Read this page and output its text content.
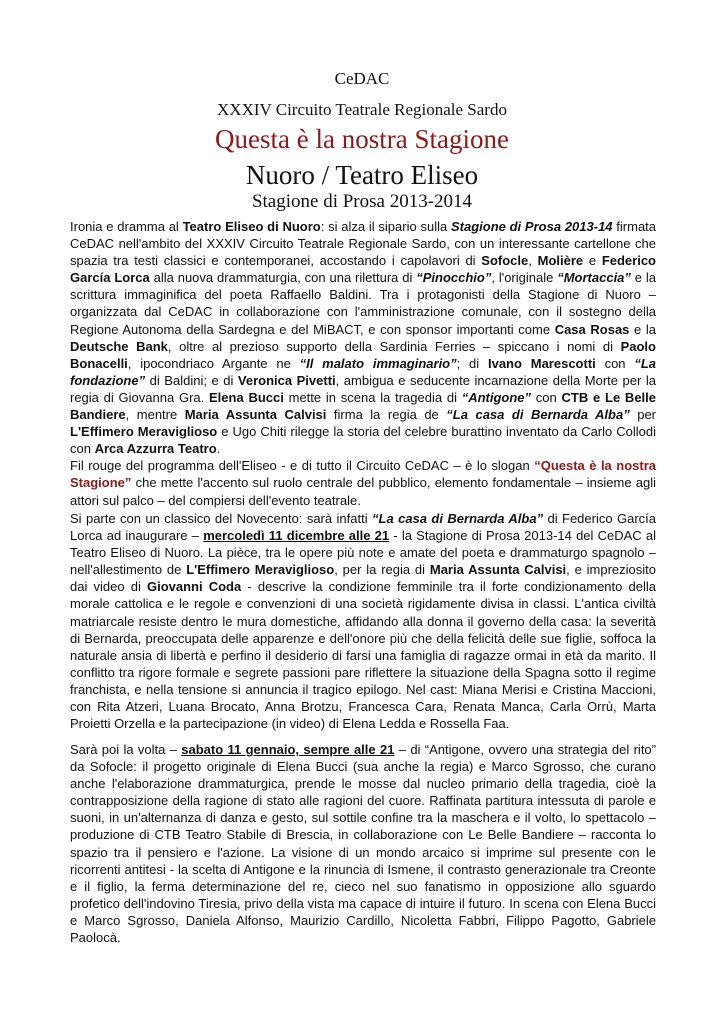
CeDAC
XXXIV Circuito Teatrale Regionale Sardo
Questa è la nostra Stagione
Nuoro / Teatro Eliseo
Stagione di Prosa 2013-2014

Ironia e dramma al Teatro Eliseo di Nuoro: si alza il sipario sulla Stagione di Prosa 2013-14 firmata CeDAC nell'ambito del XXXIV Circuito Teatrale Regionale Sardo, con un interessante cartellone che spazia tra testi classici e contemporanei, accostando i capolavori di Sofocle, Molière e Federico García Lorca alla nuova drammaturgia, con una rilettura di “Pinocchio”, l'originale “Mortaccia” e la scrittura immaginifica del poeta Raffaello Baldini. Tra i protagonisti della Stagione di Nuoro – organizzata dal CeDAC in collaborazione con l'amministrazione comunale, con il sostegno della Regione Autonoma della Sardegna e del MiBACT, e con sponsor importanti come Casa Rosas e la Deutsche Bank, oltre al prezioso supporto della Sardinia Ferries – spiccano i nomi di Paolo Bonacelli, ipocondriaco Argante ne “Il malato immaginario”; di Ivano Marescotti con “La fondazione” di Baldini; e di Veronica Pivetti, ambigua e seducente incarnazione della Morte per la regia di Giovanna Gra. Elena Bucci mette in scena la tragedia di “Antigone” con CTB e Le Belle Bandiere, mentre Maria Assunta Calvisi firma la regia de “La casa di Bernarda Alba” per L'Effimero Meraviglioso e Ugo Chiti rilegge la storia del celebre burattino inventato da Carlo Collodi con Arca Azzurra Teatro.

Fil rouge del programma dell'Eliseo - e di tutto il Circuito CeDAC – è lo slogan “Questa è la nostra Stagione” che mette l'accento sul ruolo centrale del pubblico, elemento fondamentale – insieme agli attori sul palco – del compiersi dell'evento teatrale.

Si parte con un classico del Novecento: sarà infatti “La casa di Bernarda Alba” di Federico García Lorca ad inaugurare – mercoledì 11 dicembre alle 21 - la Stagione di Prosa 2013-14 del CeDAC al Teatro Eliseo di Nuoro. La pièce, tra le opere più note e amate del poeta e drammaturgo spagnolo – nell'allestimento de L'Effimero Meraviglioso, per la regia di Maria Assunta Calvisi, e impreziosito dai video di Giovanni Coda - descrive la condizione femminile tra il forte condizionamento della morale cattolica e le regole e convenzioni di una società rigidamente divisa in classi. L'antica civiltà matriarcale resiste dentro le mura domestiche, affidando alla donna il governo della casa: la severità di Bernarda, preoccupata delle apparenze e dell'onore più che della felicità delle sue figlie, soffoca la naturale ansia di libertà e perfino il desiderio di farsi una famiglia di ragazze ormai in età da marito. Il conflitto tra rigore formale e segrete passioni pare riflettere la situazione della Spagna sotto il regime franchista, e nella tensione si annuncia il tragico epilogo. Nel cast: Miana Merisi e Cristina Maccioni, con Rita Atzeri, Luana Brocato, Anna Brotzu, Francesca Cara, Renata Manca, Carla Orrù, Marta Proietti Orzella e la partecipazione (in video) di Elena Ledda e Rossella Faa.

Sarà poi la volta – sabato 11 gennaio, sempre alle 21 – di “Antigone, ovvero una strategia del rito” da Sofocle: il progetto originale di Elena Bucci (sua anche la regia) e Marco Sgrosso, che curano anche l'elaborazione drammaturgica, prende le mosse dal nucleo primario della tragedia, cioè la contrapposizione della ragione di stato alle ragioni del cuore. Raffinata partitura intessuta di parole e suoni, in un'alternanza di danza e gesto, sul sottile confine tra la maschera e il volto, lo spettacolo – produzione di CTB Teatro Stabile di Brescia, in collaborazione con Le Belle Bandiere – racconta lo spazio tra il pensiero e l'azione. La visione di un mondo arcaico si imprime sul presente con le ricorrenti antitesi - la scelta di Antigone e la rinuncia di Ismene, il contrasto generazionale tra Creonte e il figlio, la ferma determinazione del re, cieco nel suo fanatismo in opposizione allo sguardo profetico dell'indovino Tiresia, privo della vista ma capace di intuire il futuro. In scena con Elena Bucci e Marco Sgrosso, Daniela Alfonso, Maurizio Cardillo, Nicoletta Fabbri, Filippo Pagotto, Gabriele Paolocà.
